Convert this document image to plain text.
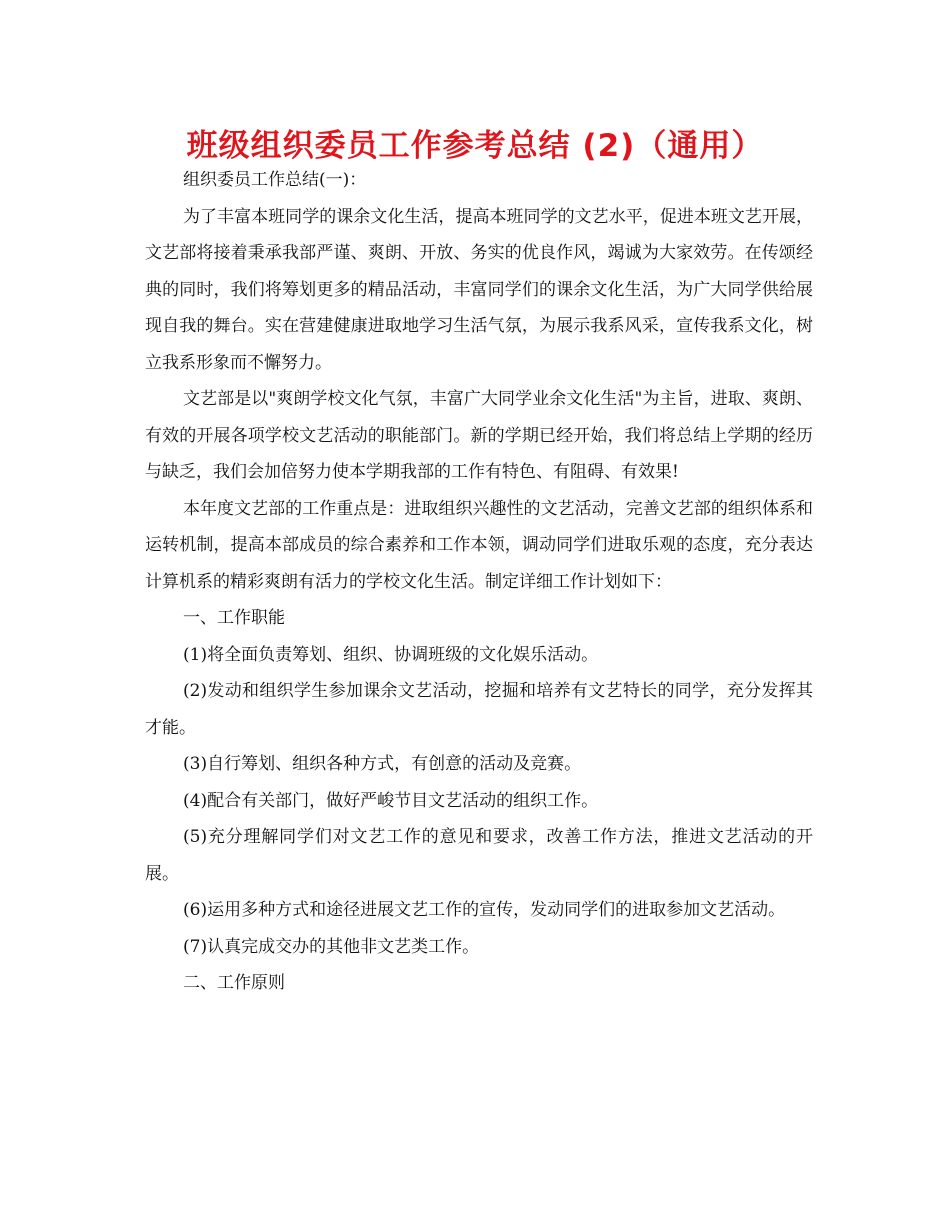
班级组织委员工作参考总结 (2)（通用）

组织委员工作总结(一)：

为了丰富本班同学的课余文化生活，提高本班同学的文艺水平，促进本班文艺开展，文艺部将接着秉承我部严谨、爽朗、开放、务实的优良作风，竭诚为大家效劳。在传颂经典的同时，我们将筹划更多的精品活动，丰富同学们的课余文化生活，为广大同学供给展现自我的舞台。实在营建健康进取地学习生活气氛，为展示我系风采，宣传我系文化，树立我系形象而不懈努力。

文艺部是以"爽朗学校文化气氛，丰富广大同学业余文化生活"为主旨，进取、爽朗、有效的开展各项学校文艺活动的职能部门。新的学期已经开始，我们将总结上学期的经历与缺乏，我们会加倍努力使本学期我部的工作有特色、有阻碍、有效果!

本年度文艺部的工作重点是：进取组织兴趣性的文艺活动，完善文艺部的组织体系和运转机制，提高本部成员的综合素养和工作本领，调动同学们进取乐观的态度，充分表达计算机系的精彩爽朗有活力的学校文化生活。制定详细工作计划如下：

一、工作职能

(1)将全面负责筹划、组织、协调班级的文化娱乐活动。

(2)发动和组织学生参加课余文艺活动，挖掘和培养有文艺特长的同学，充分发挥其才能。

(3)自行筹划、组织各种方式，有创意的活动及竞赛。

(4)配合有关部门，做好严峻节目文艺活动的组织工作。

(5)充分理解同学们对文艺工作的意见和要求，改善工作方法，推进文艺活动的开展。

(6)运用多种方式和途径进展文艺工作的宣传，发动同学们的进取参加文艺活动。

(7)认真完成交办的其他非文艺类工作。

二、工作原则
